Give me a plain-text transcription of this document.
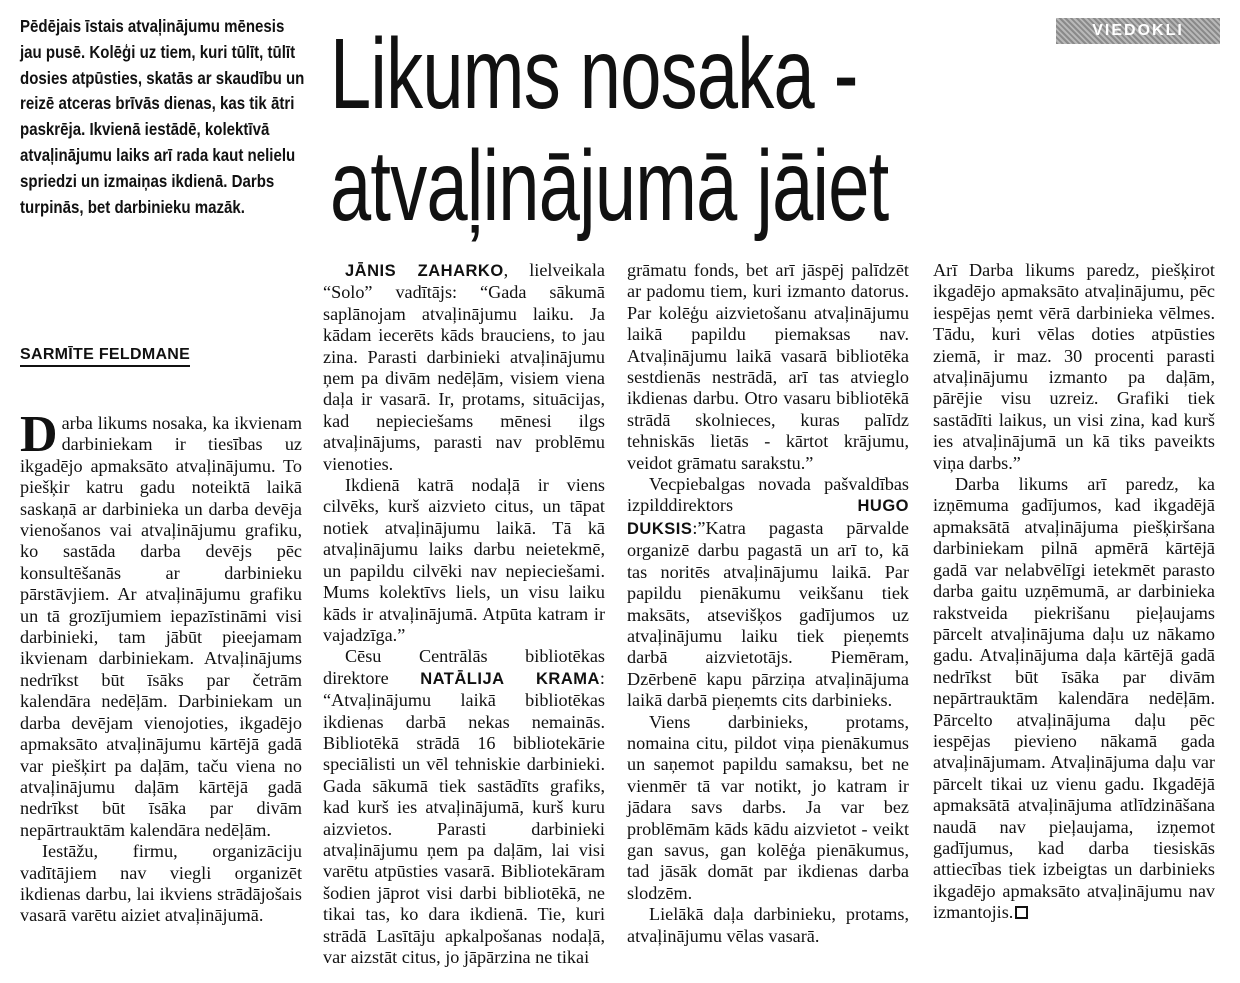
VIEDOKLI
Pēdējais īstais atvaļinājumu mēnesis jau pusē. Kolēģi uz tiem, kuri tūlīt, tūlīt dosies atpūsties, skatās ar skaudību un reizē atceras brīvās dienas, kas tik ātri paskrēja. Ikvienā iestādē, kolektīvā atvaļinājumu laiks arī rada kaut nelielu spriedzi un izmaiņas ikdienā. Darbs turpinās, bet darbinieku mazāk.
Likums nosaka -
atvaļinājumā jāiet
SARMĪTE FELDMANE

Darba likums nosaka, ka ikvienam darbiniekam ir tiesības uz ikgadējo apmaksāto atvaļinājumu. To piešķir katru gadu noteiktā laikā saskaņā ar darbinieka un darba devēja vienošanos vai atvaļinājumu grafiku, ko sastāda darba devējs pēc konsultēšanās ar darbinieku pārstāvjiem. Ar atvaļinājumu grafiku un tā grozījumiem iepazīstināmi visi darbinieki, tam jābūt pieejamam ikvienam darbiniekam. Atvaļinājums nedrīkst būt īsāks par četrām kalendāra nedēļām. Darbiniekam un darba devējam vienojoties, ikgadējo apmaksāto atvaļinājumu kārtējā gadā var piešķirt pa daļām, taču viena no atvaļinājumu daļām kārtējā gadā nedrīkst būt īsāka par divām nepārtrauktām kalendāra nedēļām.

Iestāžu, firmu, organizāciju vadītājiem nav viegli organizēt ikdienas darbu, lai ikviens strādājošais vasarā varētu aiziet atvaļinājumā.

JĀNIS ZAHARKO, lielveikala “Solo” vadītājs: “Gada sākumā saplānojam atvaļinājumu laiku. Ja kādam iecerēts kāds brauciens, to jau zina. Parasti darbinieki atvaļinājumu ņem pa divām nedēļām, visiem viena daļa ir vasarā. Ir, protams, situācijas, kad nepieciešams mēnesi ilgs atvaļinājums, parasti nav problēmu vienoties.

Ikdienā katrā nodaļā ir viens cilvēks, kurš aizvieto citus, un tāpat notiek atvaļinājumu laikā. Tā kā atvaļinājumu laiks darbu neietekmē, un papildu cilvēki nav nepieciešami. Mums kolektīvs liels, un visu laiku kāds ir atvaļinājumā. Atpūta katram ir vajadzīga.”

Cēsu Centrālās bibliotēkas direktore NATĀLIJA KRAMA: “Atvaļinājumu laikā bibliotēkas ikdienas darbā nekas nemainās. Bibliotēkā strādā 16 bibliotekārie speciālisti un vēl tehniskie darbinieki. Gada sākumā tiek sastādīts grafiks, kad kurš ies atvaļinājumā, kurš kuru aizvietos. Parasti darbinieki atvaļinājumu ņem pa daļām, lai visi varētu atpūsties vasarā. Bibliotekāram šodien jāprot visi darbi bibliotēkā, ne tikai tas, ko dara ikdienā. Tie, kuri strādā Lasītāju apkalpošanas nodaļā, var aizstāt citus, jo jāpārzina ne tikai

grāmatu fonds, bet arī jāspēj palīdzēt ar padomu tiem, kuri izmanto datorus. Par kolēģu aizvietošanu atvaļinājumu laikā papildu piemaksas nav. Atvaļinājumu laikā vasarā bibliotēka sestdienās nestrādā, arī tas atvieglo ikdienas darbu. Otro vasaru bibliotēkā strādā skolnieces, kuras palīdz tehniskās lietās - kārtot krājumu, veidot grāmatu sarakstu.”

Vecpiebalgas novada pašvaldības izpilddirektors HUGO DUKSIS:”Katra pagasta pārvalde organizē darbu pagastā un arī to, kā tas noritēs atvaļinājumu laikā. Par papildu pienākumu veikšanu tiek maksāts, atsevišķos gadījumos uz atvaļinājumu laiku tiek pieņemts darbā aizvietotājs. Piemēram, Dzērbenē kapu pārziņa atvaļinājuma laikā darbā pieņemts cits darbinieks.

Viens darbinieks, protams, nomaina citu, pildot viņa pienākumus un saņemot papildu samaksu, bet ne vienmēr tā var notikt, jo katram ir jādara savs darbs. Ja var bez problēmām kāds kādu aizvietot - veikt gan savus, gan kolēģa pienākumus, tad jāsāk domāt par ikdienas darba slodzēm.

Lielākā daļa darbinieku, protams, atvaļinājumu vēlas vasarā.

Arī Darba likums paredz, piešķirot ikgadējo apmaksāto atvaļinājumu, pēc iespējas ņemt vērā darbinieka vēlmes. Tādu, kuri vēlas doties atpūsties ziemā, ir maz. 30 procenti parasti atvaļinājumu izmanto pa daļām, pārējie visu uzreiz. Grafiki tiek sastādīti laikus, un visi zina, kad kurš ies atvaļinājumā un kā tiks paveikts viņa darbs.”

Darba likums arī paredz, ka izņēmuma gadījumos, kad ikgadējā apmaksātā atvaļinājuma piešķiršana darbiniekam pilnā apmērā kārtējā gadā var nelabvēlīgi ietekmēt parasto darba gaitu uzņēmumā, ar darbinieka rakstveida piekrišanu pieļaujams pārcelt atvaļinājuma daļu uz nākamo gadu. Atvaļinājuma daļa kārtējā gadā nedrīkst būt īsāka par divām nepārtrauktām kalendāra nedēļām. Pārcelto atvaļinājuma daļu pēc iespējas pievieno nākamā gada atvaļinājumam. Atvaļinājuma daļu var pārcelt tikai uz vienu gadu. Ikgadējā apmaksātā atvaļinājuma atlīdzināšana naudā nav pieļaujama, izņemot gadījumus, kad darba tiesiskās attiecības tiek izbeigtas un darbinieks ikgadējo apmaksāto atvaļinājumu nav izmantojis.
